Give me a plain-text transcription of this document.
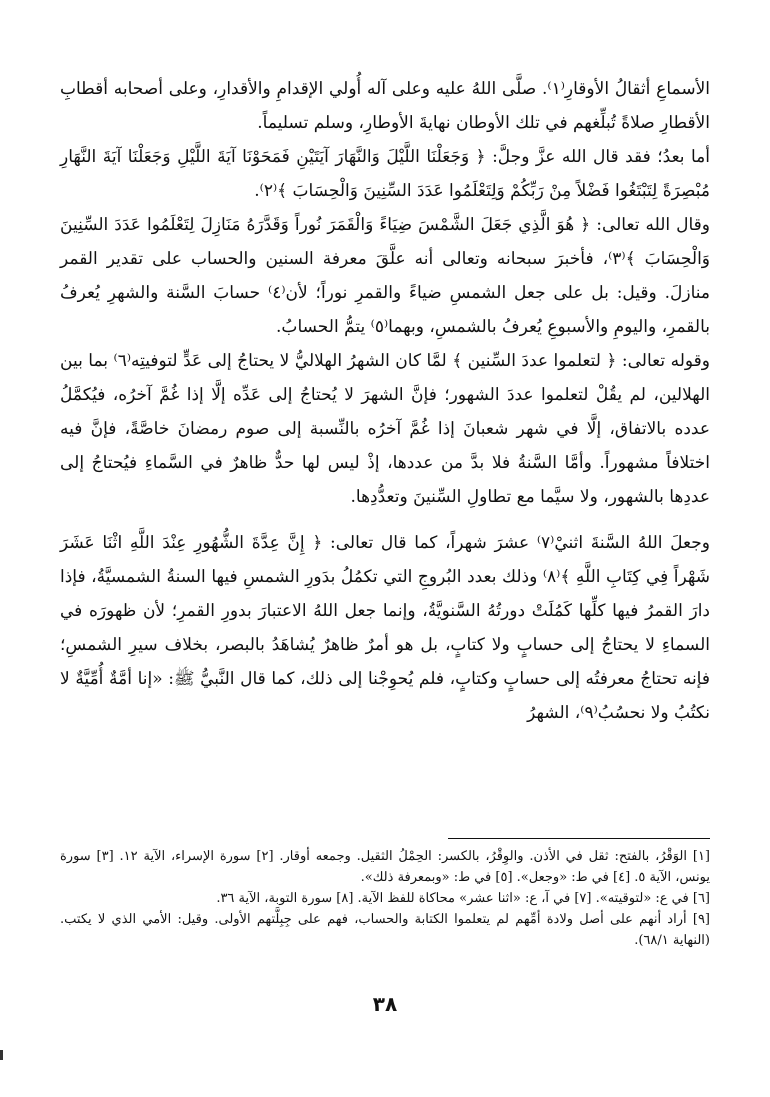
الأسماعِ أثقالُ الأوقارِ⁽١⁾. صلَّى اللهُ عليه وعلى آله أُولي الإقدامِ والأقدارِ، وعلى أصحابه أقطابِ الأقطارِ صلاةً تُبلِّغهم في تلك الأوطان نهايةَ الأوطارِ، وسلم تسليماً.

أما بعدُ؛ فقد قال الله عزَّ وجلَّ: ﴿ وَجَعَلْنَا اللَّيْلَ وَالنَّهَارَ آيَتَيْنِ فَمَحَوْنَا آيَةَ اللَّيْلِ وَجَعَلْنَا آيَةَ النَّهَارِ مُبْصِرَةً لِتَبْتَغُوا فَضْلاً مِنْ رَبِّكُمْ وَلِتَعْلَمُوا عَدَدَ السِّنِينَ وَالْحِسَابَ ﴾⁽٢⁾.

وقال الله تعالى: ﴿ هُوَ الَّذِي جَعَلَ الشَّمْسَ ضِيَاءً وَالْقَمَرَ نُوراً وَقَدَّرَهُ مَنَازِلَ لِتَعْلَمُوا عَدَدَ السِّنِينَ وَالْحِسَابَ ﴾⁽٣⁾، فأخبرَ سبحانه وتعالى أنه علَّقَ معرفة السنين والحساب على تقدير القمر منازلَ. وقيل: بل على جعل الشمسِ ضياءً والقمرِ نوراً؛ لأن⁽٤⁾ حسابَ السَّنة والشهرِ يُعرفُ بالقمرِ، واليومِ والأسبوعِ يُعرفُ بالشمسِ، وبهما⁽٥⁾ يتمُّ الحسابُ.

وقوله تعالى: ﴿ لتعلموا عددَ السِّنين ﴾ لمَّا كان الشهرُ الهلاليُّ لا يحتاجُ إلى عَدٍّ لتوفيتِه⁽٦⁾ بما بين الهلالين، لم يقُلْ لتعلموا عددَ الشهور؛ فإنَّ الشهرَ لا يُحتاجُ إلى عَدِّه إلَّا إذا غُمَّ آخرُه، فيُكمَّلُ عدده بالاتفاق، إلَّا في شهر شعبانَ إذا غُمَّ آخرُه بالنِّسبة إلى صوم رمضانَ خاصَّةً، فإنَّ فيه اختلافاً مشهوراً. وأمَّا السَّنةُ فلا بدَّ من عددها، إذْ ليس لها حدٌّ ظاهرٌ في السَّماءِ فيُحتاجُ إلى عددِها بالشهور، ولا سيَّما مع تطاولِ السِّنينَ وتعدُّدِها.

وجعلَ اللهُ السَّنةَ اثنيْ⁽٧⁾ عشرَ شهراً، كما قال تعالى: ﴿ إِنَّ عِدَّةَ الشُّهُورِ عِنْدَ اللَّهِ اثْنَا عَشَرَ شَهْراً فِي كِتَابِ اللَّهِ ﴾⁽٨⁾ وذلك بعدد البُروجِ التي تكمُلُ بدَورِ الشمسِ فيها السنةُ الشمسيَّةُ، فإذا دارَ القمرُ فيها كلِّها كَمُلَتْ دورتُهُ السَّنويَّةُ، وإنما جعل اللهُ الاعتبارَ بدورِ القمرِ؛ لأن ظهورَه في السماءِ لا يحتاجُ إلى حسابٍ ولا كتابٍ، بل هو أمرٌ ظاهرٌ يُشاهَدُ بالبصر، بخلاف سيرِ الشمسِ؛ فإنه تحتاجُ معرفتُه إلى حسابٍ وكتابٍ، فلم يُحوِجْنا إلى ذلك، كما قال النَّبيُّ ﷺ: «إنا أمَّةٌ أُمِّيَّةٌ لا نكتُبُ ولا نحسُبُ⁽٩⁾، الشهرُ

[١] الوَقْرُ، بالفتح: ثقل في الأذن. والوِقْرُ، بالكسر: الحِمْلُ الثقيل. وجمعه أوقار. [٢] سورة الإسراء، الآية ١٢. [٣] سورة يونس، الآية ٥. [٤] في ط: «وجعل». [٥] في ط: «وبمعرفة ذلك».

[٦] في ع: «لتوقيته». [٧] في آ، ع: «اثنا عشر» محاكاة للفظ الآية. [٨] سورة التوبة، الآية ٣٦.

[٩] أراد أنهم على أصل ولادة أمِّهم لم يتعلموا الكتابة والحساب، فهم على جِبِلَّتهم الأولى. وقيل: الأمي الذي لا يكتب. (النهاية ٦٨/١).

٣٨
